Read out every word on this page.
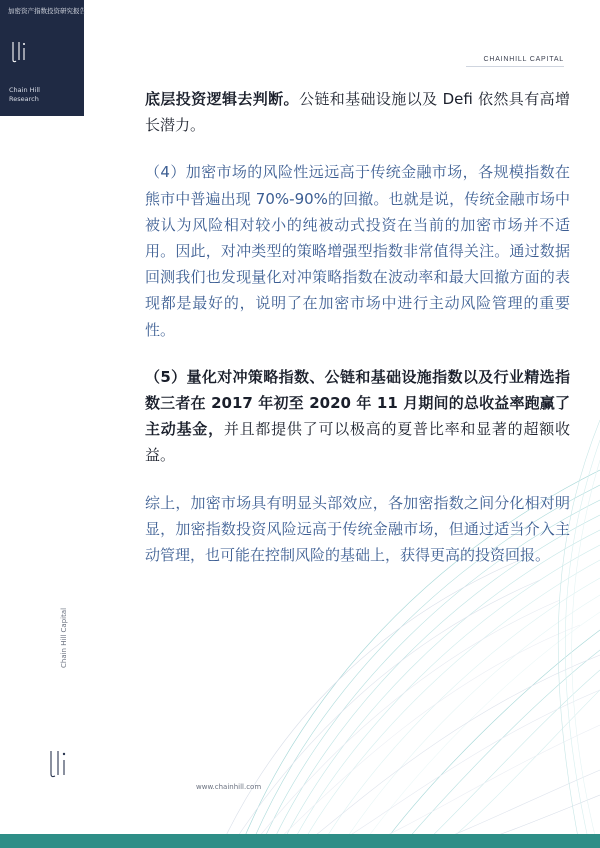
加密资产指数投资研究报告
Chain Hill
Research
CHAINHILL CAPITAL

底层投资逻辑去判断。公链和基础设施以及 Defi 依然具有高增长潜力。

（4）加密市场的风险性远远高于传统金融市场，各规模指数在熊市中普遍出现 70%-90%的回撤。也就是说，传统金融市场中被认为风险相对较小的纯被动式投资在当前的加密市场并不适用。因此，对冲类型的策略增强型指数非常值得关注。通过数据回测我们也发现量化对冲策略指数在波动率和最大回撤方面的表现都是最好的，说明了在加密市场中进行主动风险管理的重要性。

（5）量化对冲策略指数、公链和基础设施指数以及行业精选指数三者在 2017 年初至 2020 年 11 月期间的总收益率跑赢了主动基金，并且都提供了可以极高的夏普比率和显著的超额收益。

综上，加密市场具有明显头部效应，各加密指数之间分化相对明显，加密指数投资风险远高于传统金融市场，但通过适当介入主动管理，也可能在控制风险的基础上，获得更高的投资回报。

Chain Hill Capital
www.chainhill.com
